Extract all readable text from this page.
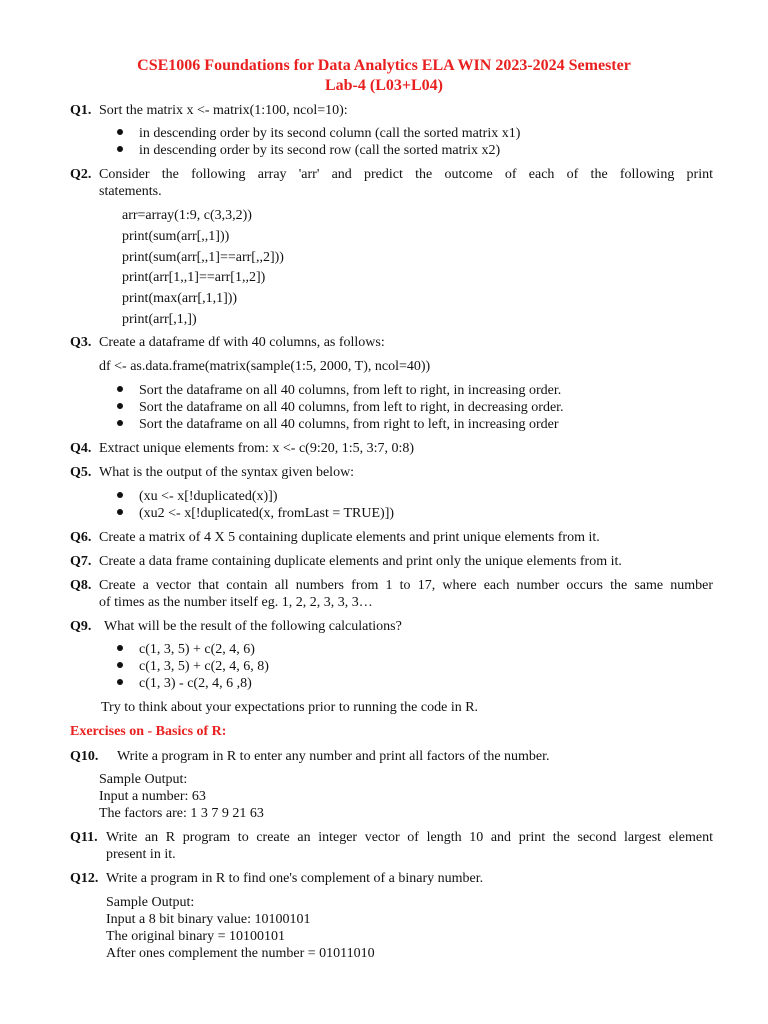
CSE1006 Foundations for Data Analytics ELA WIN 2023-2024 Semester
Lab-4 (L03+L04)
Q1. Sort the matrix x <- matrix(1:100, ncol=10):
in descending order by its second column (call the sorted matrix x1)
in descending order by its second row (call the sorted matrix x2)
Q2. Consider the following array 'arr' and predict the outcome of each of the following print
statements.
arr=array(1:9, c(3,3,2))
print(sum(arr[,,1]))
print(sum(arr[,,1]==arr[,,2]))
print(arr[1,,1]==arr[1,,2])
print(max(arr[,1,1]))
print(arr[,1,])
Q3. Create a dataframe df with 40 columns, as follows:
df <- as.data.frame(matrix(sample(1:5, 2000, T), ncol=40))
Sort the dataframe on all 40 columns, from left to right, in increasing order.
Sort the dataframe on all 40 columns, from left to right, in decreasing order.
Sort the dataframe on all 40 columns, from right to left, in increasing order
Q4. Extract unique elements from: x <- c(9:20, 1:5, 3:7, 0:8)
Q5. What is the output of the syntax given below:
(xu <- x[!duplicated(x)])
(xu2 <- x[!duplicated(x, fromLast = TRUE)])
Q6. Create a matrix of 4 X 5 containing duplicate elements and print unique elements from it.
Q7. Create a data frame containing duplicate elements and print only the unique elements from it.
Q8. Create a vector that contain all numbers from 1 to 17, where each number occurs the same number
of times as the number itself eg. 1, 2, 2, 3, 3, 3…
Q9. What will be the result of the following calculations?
c(1, 3, 5) + c(2, 4, 6)
c(1, 3, 5) + c(2, 4, 6, 8)
c(1, 3) - c(2, 4, 6 ,8)
Try to think about your expectations prior to running the code in R.
Exercises on - Basics of R:
Q10. Write a program in R to enter any number and print all factors of the number.
Sample Output:
Input a number: 63
The factors are: 1 3 7 9 21 63
Q11. Write an R program to create an integer vector of length 10 and print the second largest element
present in it.
Q12. Write a program in R to find one's complement of a binary number.
Sample Output:
Input a 8 bit binary value: 10100101
The original binary = 10100101
After ones complement the number = 01011010
